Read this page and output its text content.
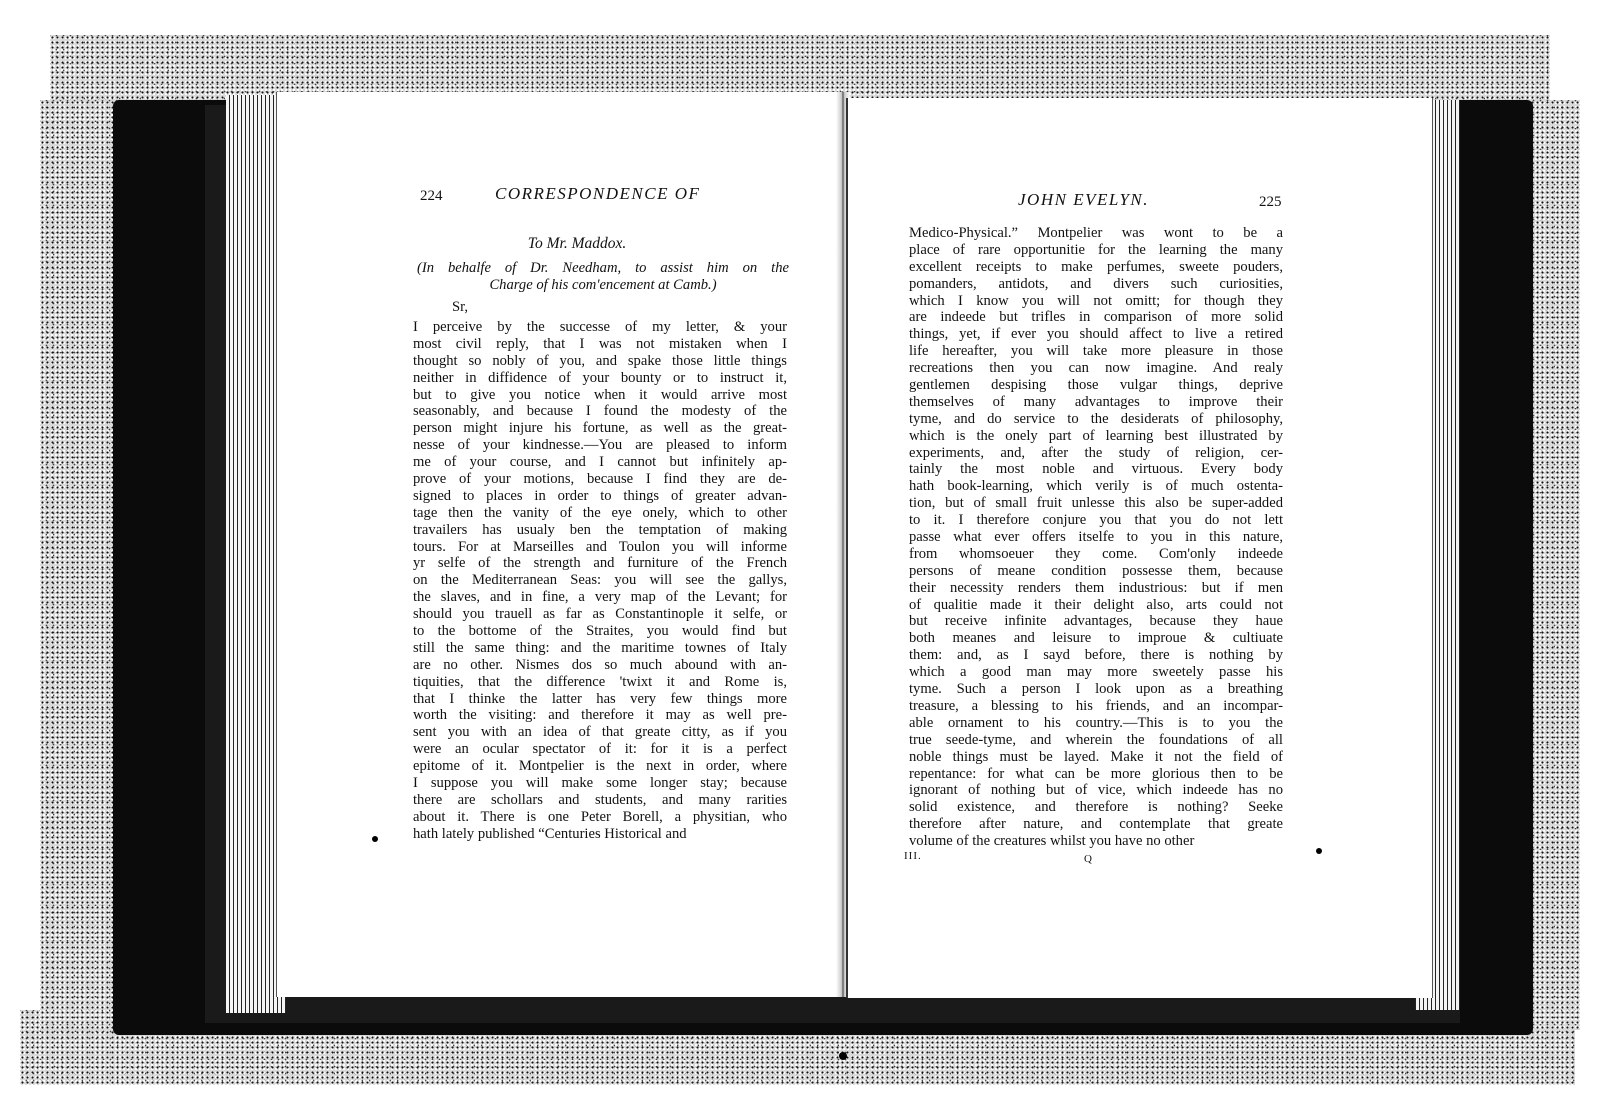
224	CORRESPONDENCE OF
To Mr. Maddox.
(In behalfe of Dr. Needham, to assist him on the
Charge of his com'encement at Camb.)
Sr,
I perceive by the successe of my letter, & your
most civil reply, that I was not mistaken when I
thought so nobly of you, and spake those little things
neither in diffidence of your bounty or to instruct it,
but to give you notice when it would arrive most
seasonably, and because I found the modesty of the
person might injure his fortune, as well as the great-
nesse of your kindnesse.—You are pleased to inform
me of your course, and I cannot but infinitely ap-
prove of your motions, because I find they are de-
signed to places in order to things of greater advan-
tage then the vanity of the eye onely, which to other
travailers has usualy ben the temptation of making
tours. For at Marseilles and Toulon you will informe
yr selfe of the strength and furniture of the French
on the Mediterranean Seas: you will see the gallys,
the slaves, and in fine, a very map of the Levant; for
should you trauell as far as Constantinople it selfe, or
to the bottome of the Straites, you would find but
still the same thing: and the maritime townes of Italy
are no other. Nismes dos so much abound with an-
tiquities, that the difference 'twixt it and Rome is,
that I thinke the latter has very few things more
worth the visiting: and therefore it may as well pre-
sent you with an idea of that greate citty, as if you
were an ocular spectator of it: for it is a perfect
epitome of it. Montpelier is the next in order, where
I suppose you will make some longer stay; because
there are schollars and students, and many rarities
about it. There is one Peter Borell, a physitian, who
hath lately published “Centuries Historical and
JOHN EVELYN.	225
Medico-Physical.” Montpelier was wont to be a
place of rare opportunitie for the learning the many
excellent receipts to make perfumes, sweete pouders,
pomanders, antidots, and divers such curiosities,
which I know you will not omitt; for though they
are indeede but trifles in comparison of more solid
things, yet, if ever you should affect to live a retired
life hereafter, you will take more pleasure in those
recreations then you can now imagine. And realy
gentlemen despising those vulgar things, deprive
themselves of many advantages to improve their
tyme, and do service to the desiderats of philosophy,
which is the onely part of learning best illustrated by
experiments, and, after the study of religion, cer-
tainly the most noble and virtuous. Every body
hath book-learning, which verily is of much ostenta-
tion, but of small fruit unlesse this also be super-added
to it. I therefore conjure you that you do not lett
passe what ever offers itselfe to you in this nature,
from whomsoeuer they come. Com'only indeede
persons of meane condition possesse them, because
their necessity renders them industrious: but if men
of qualitie made it their delight also, arts could not
but receive infinite advantages, because they haue
both meanes and leisure to improue & cultiuate
them: and, as I sayd before, there is nothing by
which a good man may more sweetely passe his
tyme. Such a person I look upon as a breathing
treasure, a blessing to his friends, and an incompar-
able ornament to his country.—This is to you the
true seede-tyme, and wherein the foundations of all
noble things must be layed. Make it not the field of
repentance: for what can be more glorious then to be
ignorant of nothing but of vice, which indeede has no
solid existence, and therefore is nothing? Seeke
therefore after nature, and contemplate that greate
volume of the creatures whilst you have no other
III.	Q
